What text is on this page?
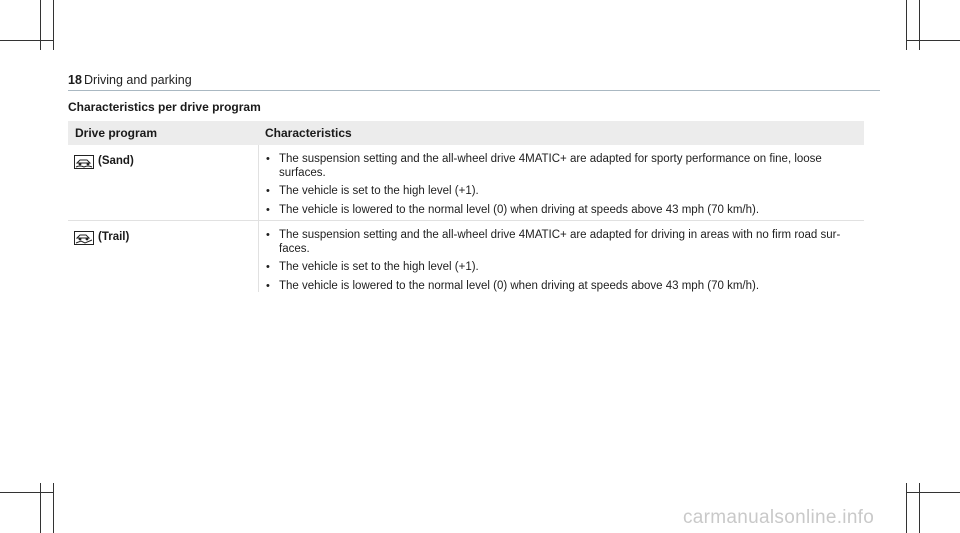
18 Driving and parking
Characteristics per drive program
Drive program	Characteristics
(Sand)	• The suspension setting and the all-wheel drive 4MATIC+ are adapted for sporty performance on fine, loose surfaces.
• The vehicle is set to the high level (+1).
• The vehicle is lowered to the normal level (0) when driving at speeds above 43 mph (70 km/h).
(Trail)	• The suspension setting and the all-wheel drive 4MATIC+ are adapted for driving in areas with no firm road sur- faces.
• The vehicle is set to the high level (+1).
• The vehicle is lowered to the normal level (0) when driving at speeds above 43 mph (70 km/h).
carmanualsonline.info
